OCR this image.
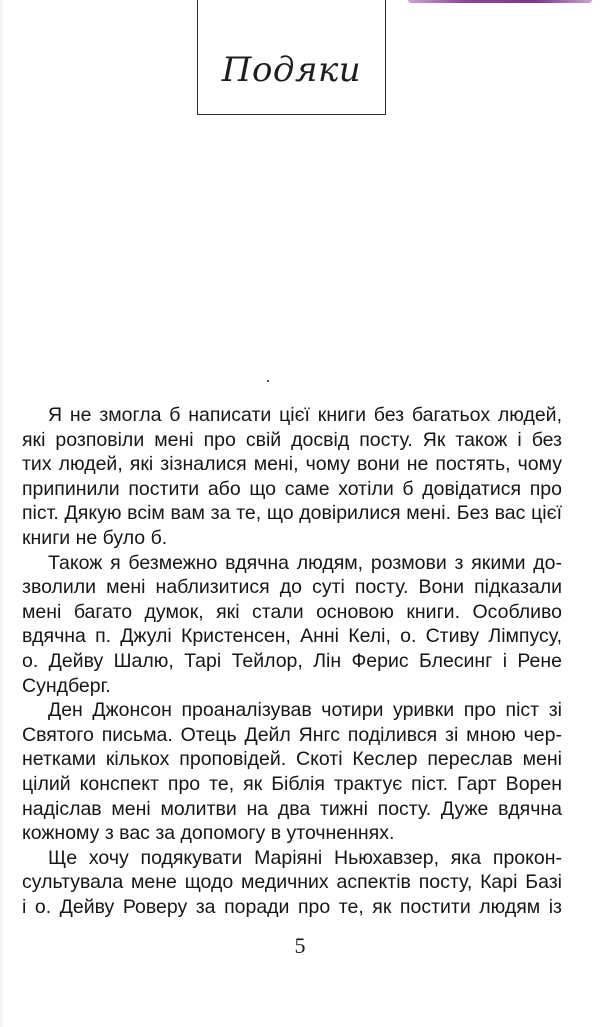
Подяки

Я не змогла б написати цієї книги без багатьох людей,
які розповіли мені про свій досвід посту. Як також і без
тих людей, які зізналися мені, чому вони не постять, чому
припинили постити або що саме хотіли б довідатися про
піст. Дякую всім вам за те, що довірилися мені. Без вас цієї
книги не було б.

Також я безмежно вдячна людям, розмови з якими до-
зволили мені наблизитися до суті посту. Вони підказали
мені багато думок, які стали основою книги. Особливо
вдячна п. Джулі Кристенсен, Анні Келі, о. Стиву Лімпусу,
о. Дейву Шалю, Тарі Тейлор, Лін Ферис Блесинг і Рене
Сундберг.

Ден Джонсон проаналізував чотири уривки про піст зі
Святого письма. Отець Дейл Янгс поділився зі мною чер-
нетками кількох проповідей. Скоті Кеслер переслав мені
цілий конспект про те, як Біблія трактує піст. Гарт Ворен
надіслав мені молитви на два тижні посту. Дуже вдячна
кожному з вас за допомогу в уточненнях.

Ще хочу подякувати Маріяні Ньюхавзер, яка прокон-
сультувала мене щодо медичних аспектів посту, Карі Базі
і о. Дейву Роверу за поради про те, як постити людям із

5
